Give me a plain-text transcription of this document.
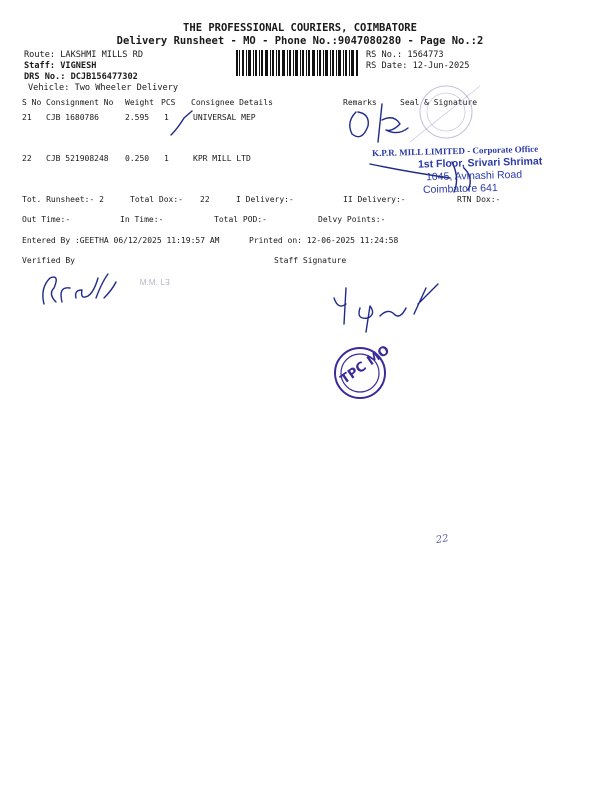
THE PROFESSIONAL COURIERS, COIMBATORE
Delivery Runsheet - MO - Phone No.:9047080280 - Page No.:2
Route: LAKSHMI MILLS RD
Staff: VIGNESH
DRS No.: DCJB156477302
Vehicle: Two Wheeler Delivery
RS No.: 1564773
RS Date: 12-Jun-2025
S No Consignment No Weight PCS Consignee Details	Remarks	Seal & Signature
21 CJB 1680786	2.595 1	UNIVERSAL MEP
22 CJB 521908248 0.250 1	KPR MILL LTD
Tot. Runsheet:- 2	Total Dox:- 22	I Delivery:-	II Delivery:-	RTN Dox:-
Out Time:-	In Time:-	Total POD:-	Delvy Points:-
Entered By :GEETHA 06/12/2025 11:19:57 AM	Printed on: 12-06-2025 11:24:58
Verified By	Staff Signature
K.P.R. MILL LIMITED - Corporate Office
1st Floor, Srivari Shrimat
1045, Avinashi Road
Coimbatore 641
Ꮇ.Ꮇ. ꓡꓱ
TPC MO
22
